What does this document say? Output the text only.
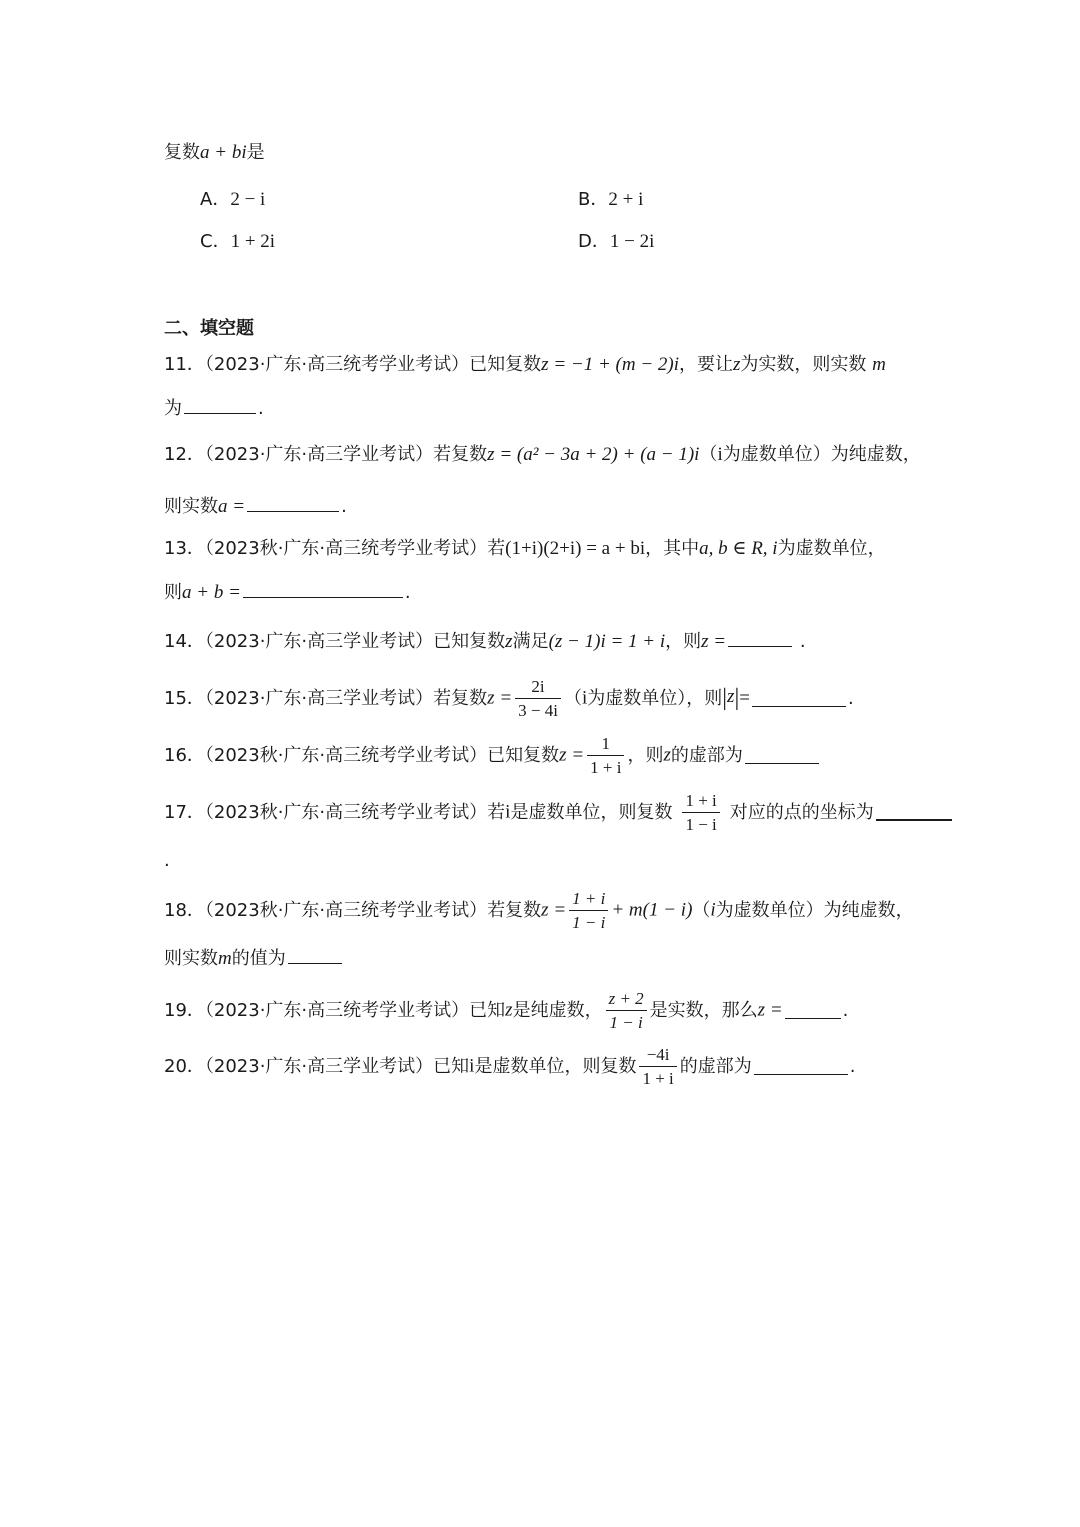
复数a + bi是
A．2 − i	B．2 + i
C．1 + 2i	D．1 − 2i
二、填空题
11．（2023·广东·高三统考学业考试）已知复数z = −1 + (m − 2)i，要让z为实数，则实数 m
为	.
12．（2023·广东·高三学业考试）若复数z = (a² − 3a + 2) + (a − 1)i（i为虚数单位）为纯虚数，
则实数a =	.
13．（2023秋·广东·高三统考学业考试）若(1+i)(2+i) = a + bi，其中a, b ∈ R, i为虚数单位，
则a + b =	.
14．（2023·广东·高三学业考试）已知复数z满足(z − 1)i = 1 + i，则z =	.
15．（2023·广东·高三学业考试）若复数$z = \frac{2i}{3 - 4i} (i$为虚数单位），则|z|=	.
16．（2023秋·广东·高三统考学业考试）已知复数$z = \frac{1}{1 + i}$ ，则z的虚部为
17．（2023秋·广东·高三统考学业考试）若i是虚数单位，则复数 $\frac{1 + i}{1 - i}$ 对应的点的坐标为
.
18．（2023秋·广东·高三统考学业考试）若复数$z = \frac{1 + i}{1 - i} + m(1 - i)(i$为虚数单位）为纯虚数，
则实数m的值为
19．（2023·广东·高三统考学业考试）已知z是纯虚数， $\frac{z + 2}{1 - i}$ 是实数，那么z =	.
20．（2023·广东·高三学业考试）已知i是虚数单位，则复数 $\frac{-4i}{1 + i}$ 的虚部为	.
